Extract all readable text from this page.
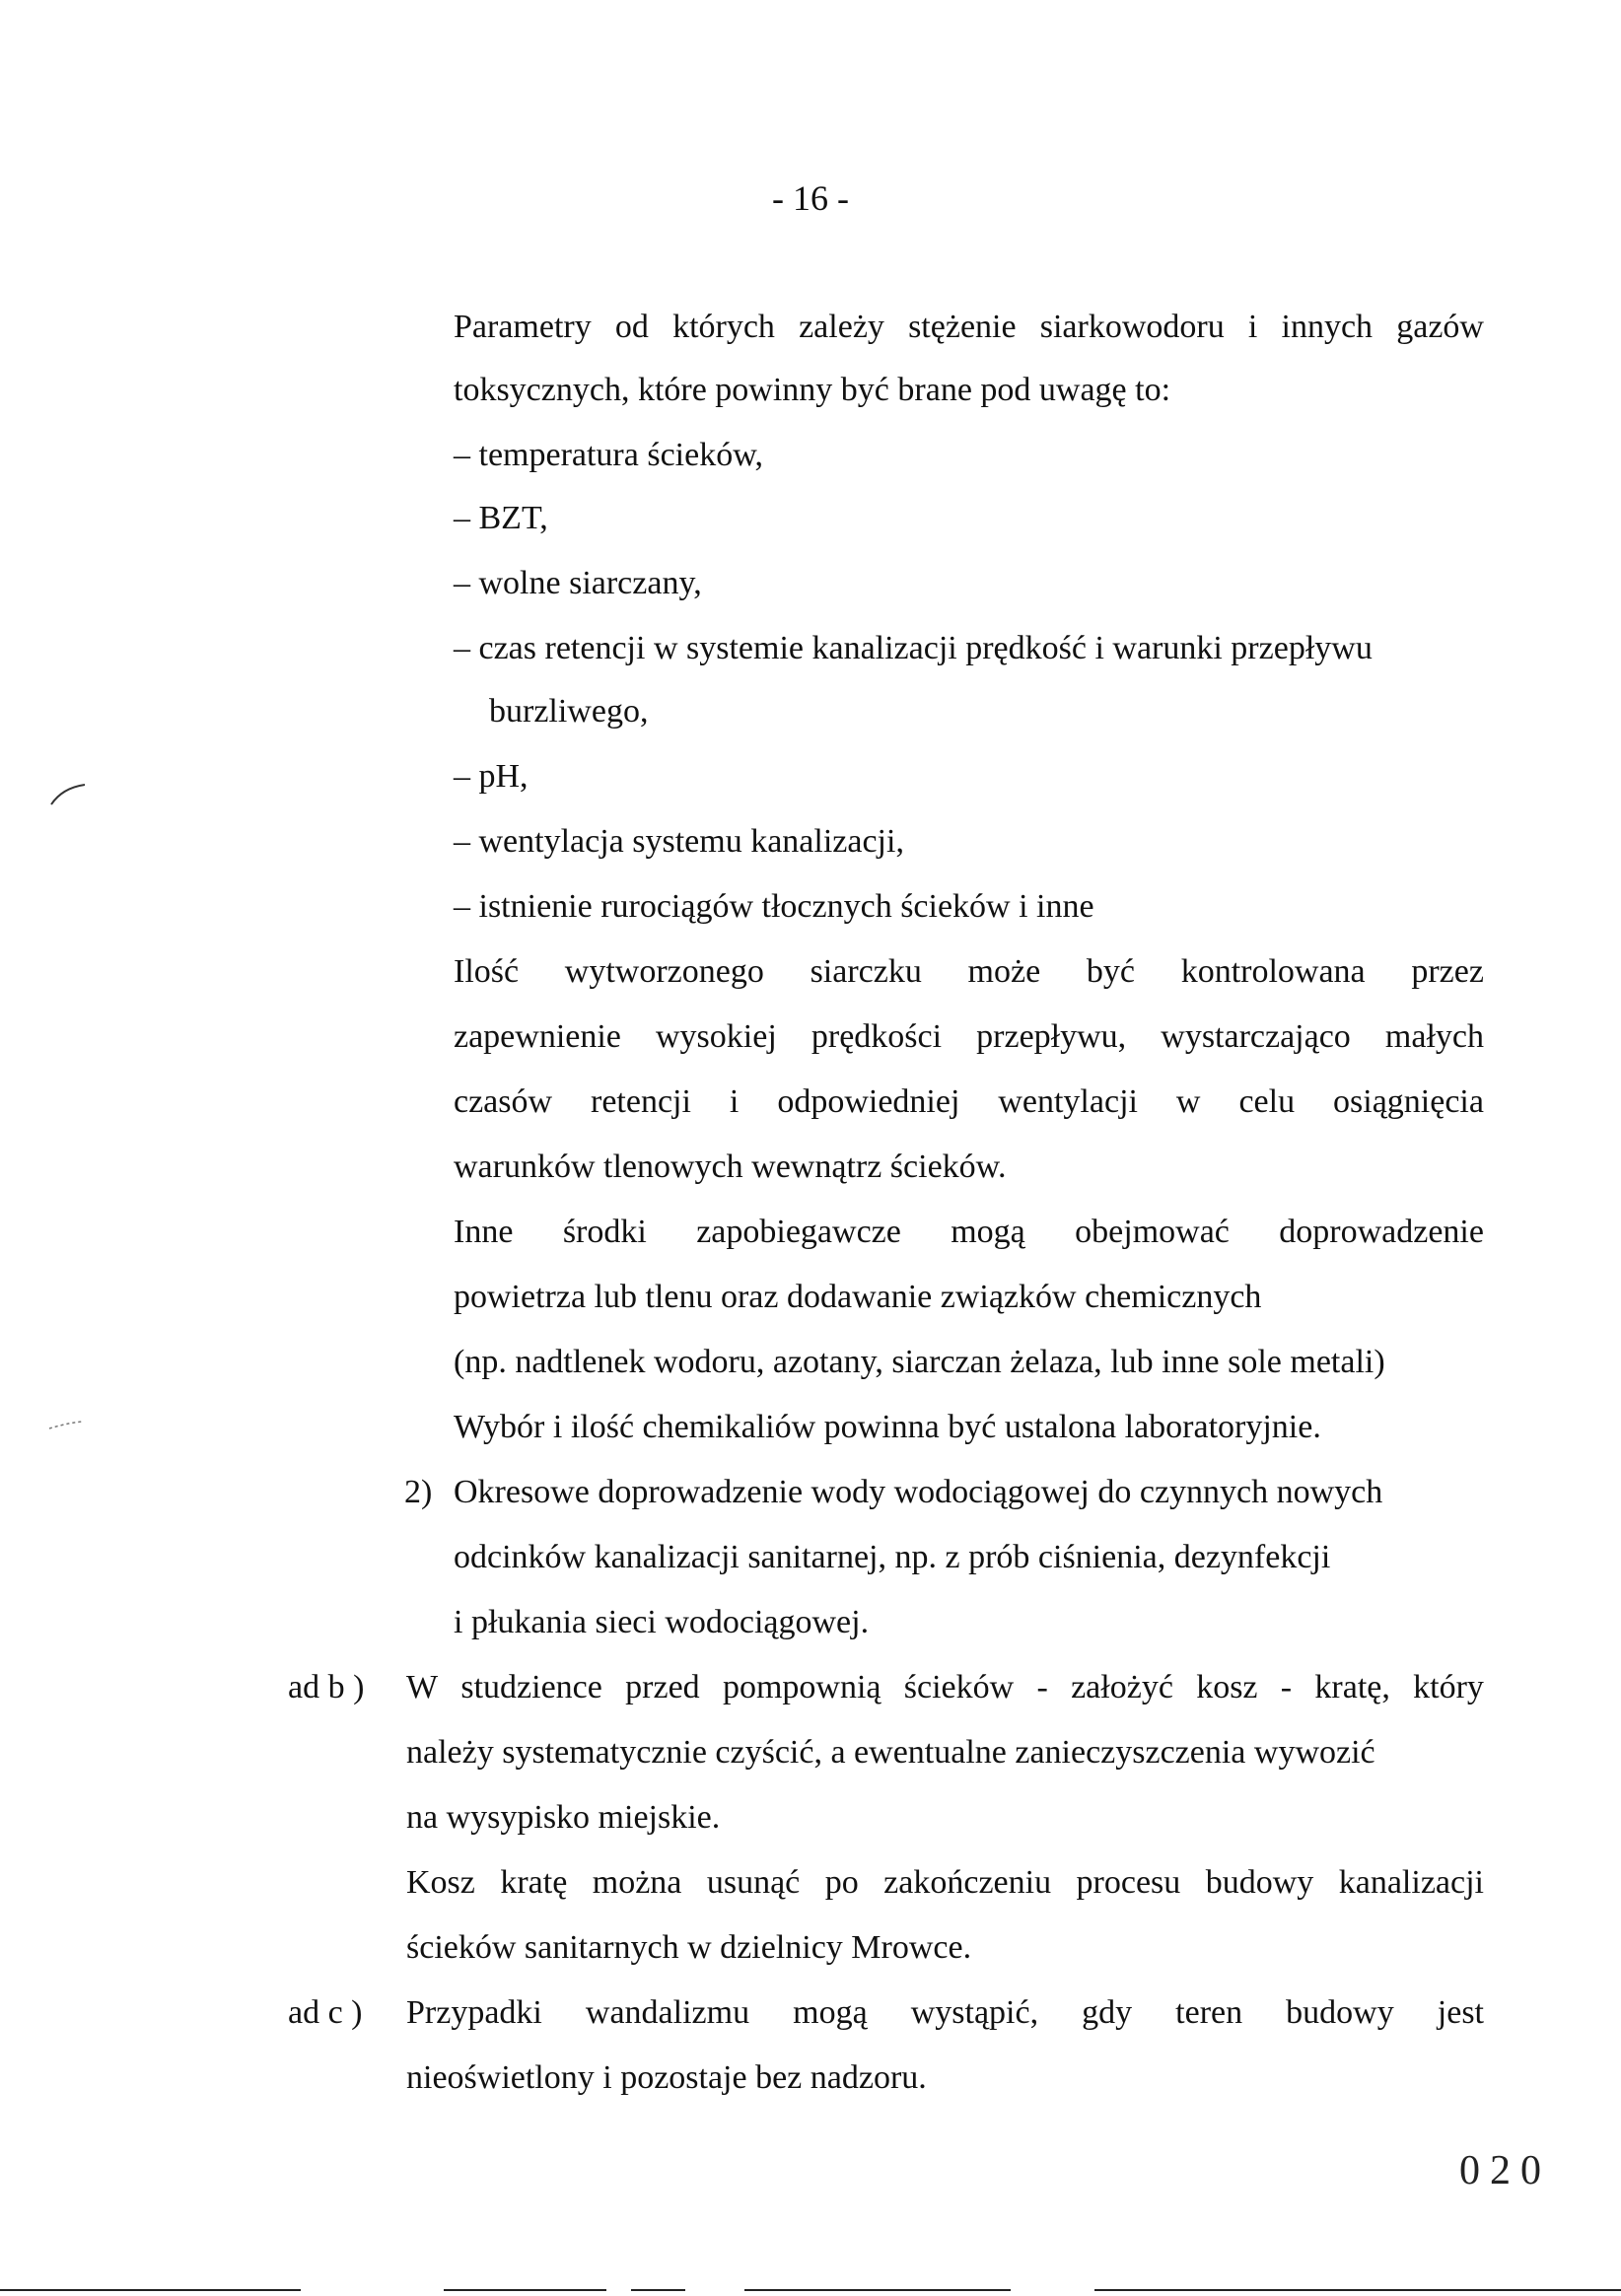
- 16 -
Parametry od których zależy stężenie siarkowodoru i innych gazów
toksycznych, które powinny być brane pod uwagę to:
– temperatura ścieków,
– BZT,
– wolne siarczany,
– czas retencji w systemie kanalizacji prędkość i warunki przepływu
burzliwego,
– pH,
– wentylacja systemu kanalizacji,
– istnienie rurociągów tłocznych ścieków i inne
Ilość wytworzonego siarczku może być kontrolowana przez
zapewnienie wysokiej prędkości przepływu, wystarczająco małych
czasów retencji i odpowiedniej wentylacji w celu osiągnięcia
warunków tlenowych wewnątrz ścieków.
Inne środki zapobiegawcze mogą obejmować doprowadzenie
powietrza lub tlenu oraz dodawanie związków chemicznych
(np. nadtlenek wodoru, azotany, siarczan żelaza, lub inne sole metali)
Wybór i ilość chemikaliów powinna być ustalona laboratoryjnie.
2) Okresowe doprowadzenie wody wodociągowej do czynnych nowych
odcinków kanalizacji sanitarnej, np. z prób ciśnienia, dezynfekcji
i płukania sieci wodociągowej.
ad b ) W studzience przed pompownią ścieków - założyć kosz - kratę, który
należy systematycznie czyścić, a ewentualne zanieczyszczenia wywozić
na wysypisko miejskie.
Kosz kratę można usunąć po zakończeniu procesu budowy kanalizacji
ścieków sanitarnych w dzielnicy Mrowce.
ad c ) Przypadki wandalizmu mogą wystąpić, gdy teren budowy jest
nieoświetlony i pozostaje bez nadzoru.
020
